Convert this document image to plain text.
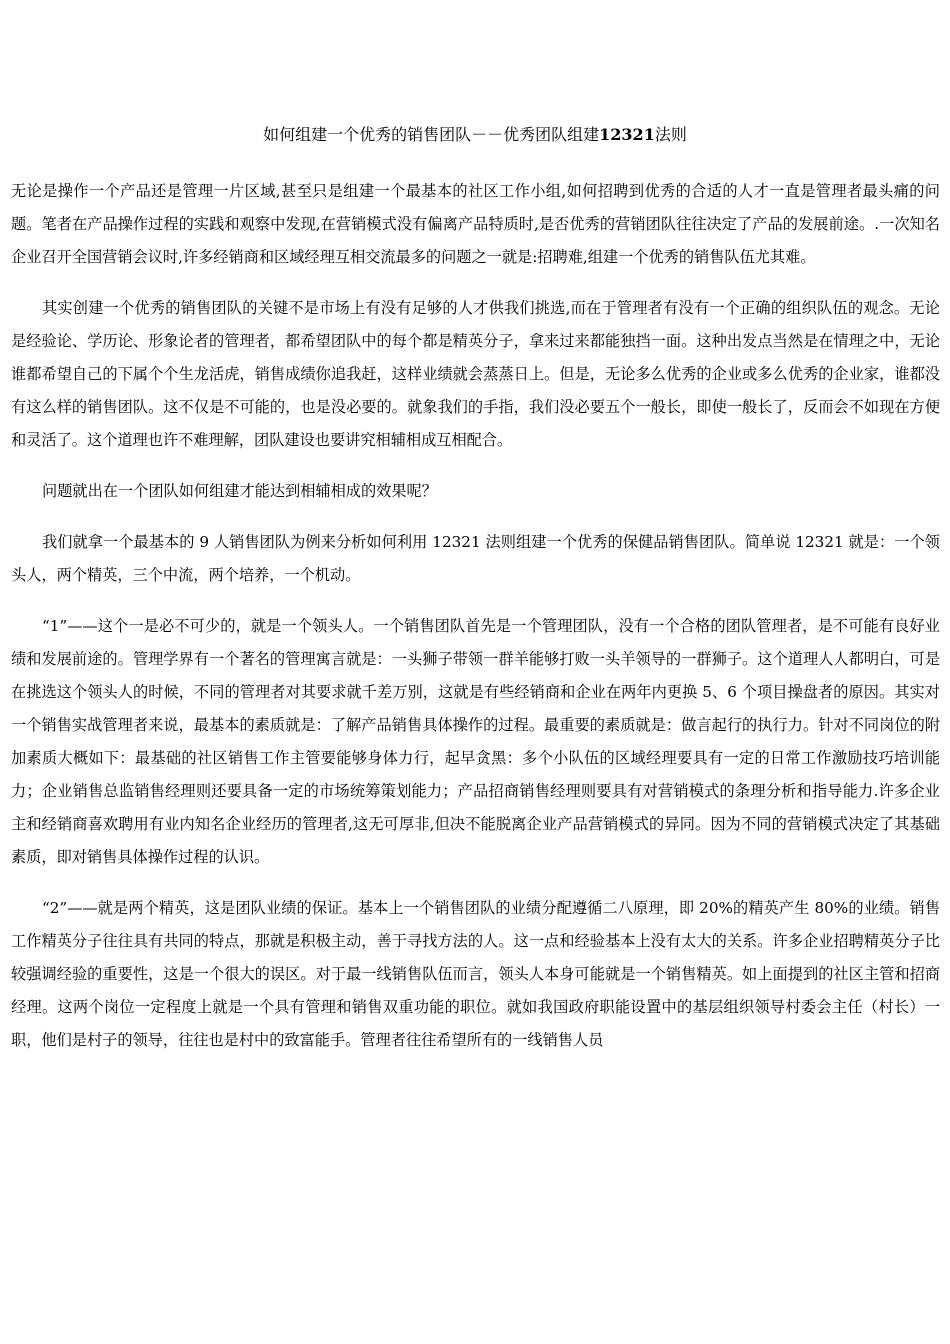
如何组建一个优秀的销售团队－－优秀团队组建12321法则

无论是操作一个产品还是管理一片区域,甚至只是组建一个最基本的社区工作小组,如何招聘到优秀的合适的人才一直是管理者最头痛的问题。笔者在产品操作过程的实践和观察中发现,在营销模式没有偏离产品特质时,是否优秀的营销团队往往决定了产品的发展前途。.一次知名企业召开全国营销会议时,许多经销商和区域经理互相交流最多的问题之一就是:招聘难,组建一个优秀的销售队伍尤其难。

其实创建一个优秀的销售团队的关键不是市场上有没有足够的人才供我们挑选,而在于管理者有没有一个正确的组织队伍的观念。无论是经验论、学历论、形象论者的管理者，都希望团队中的每个都是精英分子，拿来过来都能独挡一面。这种出发点当然是在情理之中，无论谁都希望自己的下属个个生龙活虎，销售成绩你追我赶，这样业绩就会蒸蒸日上。但是，无论多么优秀的企业或多么优秀的企业家，谁都没有这么样的销售团队。这不仅是不可能的，也是没必要的。就象我们的手指，我们没必要五个一般长，即使一般长了，反而会不如现在方便和灵活了。这个道理也许不难理解，团队建设也要讲究相辅相成互相配合。

问题就出在一个团队如何组建才能达到相辅相成的效果呢？

我们就拿一个最基本的 9 人销售团队为例来分析如何利用 12321 法则组建一个优秀的保健品销售团队。简单说 12321 就是：一个领头人，两个精英，三个中流，两个培养，一个机动。

“1”——这个一是必不可少的，就是一个领头人。一个销售团队首先是一个管理团队，没有一个合格的团队管理者，是不可能有良好业绩和发展前途的。管理学界有一个著名的管理寓言就是：一头狮子带领一群羊能够打败一头羊领导的一群狮子。这个道理人人都明白，可是在挑选这个领头人的时候，不同的管理者对其要求就千差万别，这就是有些经销商和企业在两年内更换 5、6 个项目操盘者的原因。其实对一个销售实战管理者来说，最基本的素质就是：了解产品销售具体操作的过程。最重要的素质就是：做言起行的执行力。针对不同岗位的附加素质大概如下：最基础的社区销售工作主管要能够身体力行，起早贪黑：多个小队伍的区域经理要具有一定的日常工作激励技巧培训能力；企业销售总监销售经理则还要具备一定的市场统筹策划能力；产品招商销售经理则要具有对营销模式的条理分析和指导能力.许多企业主和经销商喜欢聘用有业内知名企业经历的管理者,这无可厚非,但决不能脱离企业产品营销模式的异同。因为不同的营销模式决定了其基础素质，即对销售具体操作过程的认识。

“2”——就是两个精英，这是团队业绩的保证。基本上一个销售团队的业绩分配遵循二八原理，即 20%的精英产生 80%的业绩。销售工作精英分子往往具有共同的特点，那就是积极主动，善于寻找方法的人。这一点和经验基本上没有太大的关系。许多企业招聘精英分子比较强调经验的重要性，这是一个很大的误区。对于最一线销售队伍而言，领头人本身可能就是一个销售精英。如上面提到的社区主管和招商经理。这两个岗位一定程度上就是一个具有管理和销售双重功能的职位。就如我国政府职能设置中的基层组织领导村委会主任（村长）一职，他们是村子的领导，往往也是村中的致富能手。管理者往往希望所有的一线销售人员
